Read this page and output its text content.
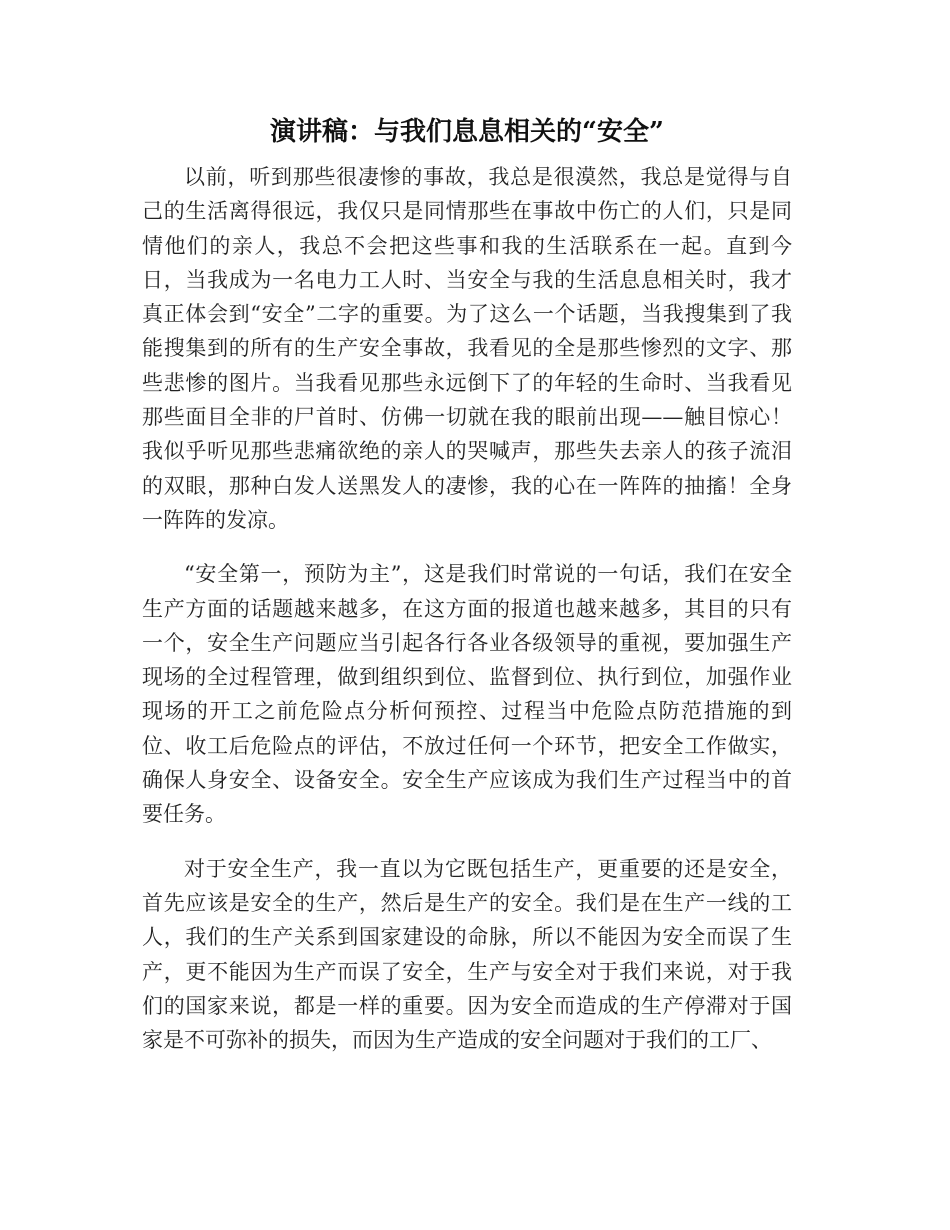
演讲稿：与我们息息相关的“安全”

以前，听到那些很凄惨的事故，我总是很漠然，我总是觉得与自己的生活离得很远，我仅只是同情那些在事故中伤亡的人们，只是同情他们的亲人，我总不会把这些事和我的生活联系在一起。直到今日，当我成为一名电力工人时、当安全与我的生活息息相关时，我才真正体会到“安全”二字的重要。为了这么一个话题，当我搜集到了我能搜集到的所有的生产安全事故，我看见的全是那些惨烈的文字、那些悲惨的图片。当我看见那些永远倒下了的年轻的生命时、当我看见那些面目全非的尸首时、仿佛一切就在我的眼前出现——触目惊心！我似乎听见那些悲痛欲绝的亲人的哭喊声，那些失去亲人的孩子流泪的双眼，那种白发人送黑发人的凄惨，我的心在一阵阵的抽搐！全身一阵阵的发凉。

“安全第一，预防为主”，这是我们时常说的一句话，我们在安全生产方面的话题越来越多，在这方面的报道也越来越多，其目的只有一个，安全生产问题应当引起各行各业各级领导的重视，要加强生产现场的全过程管理，做到组织到位、监督到位、执行到位，加强作业现场的开工之前危险点分析何预控、过程当中危险点防范措施的到位、收工后危险点的评估，不放过任何一个环节，把安全工作做实，确保人身安全、设备安全。安全生产应该成为我们生产过程当中的首要任务。

对于安全生产，我一直以为它既包括生产，更重要的还是安全，首先应该是安全的生产，然后是生产的安全。我们是在生产一线的工人，我们的生产关系到国家建设的命脉，所以不能因为安全而误了生产，更不能因为生产而误了安全，生产与安全对于我们来说，对于我们的国家来说，都是一样的重要。因为安全而造成的生产停滞对于国家是不可弥补的损失，而因为生产造成的安全问题对于我们的工厂、
